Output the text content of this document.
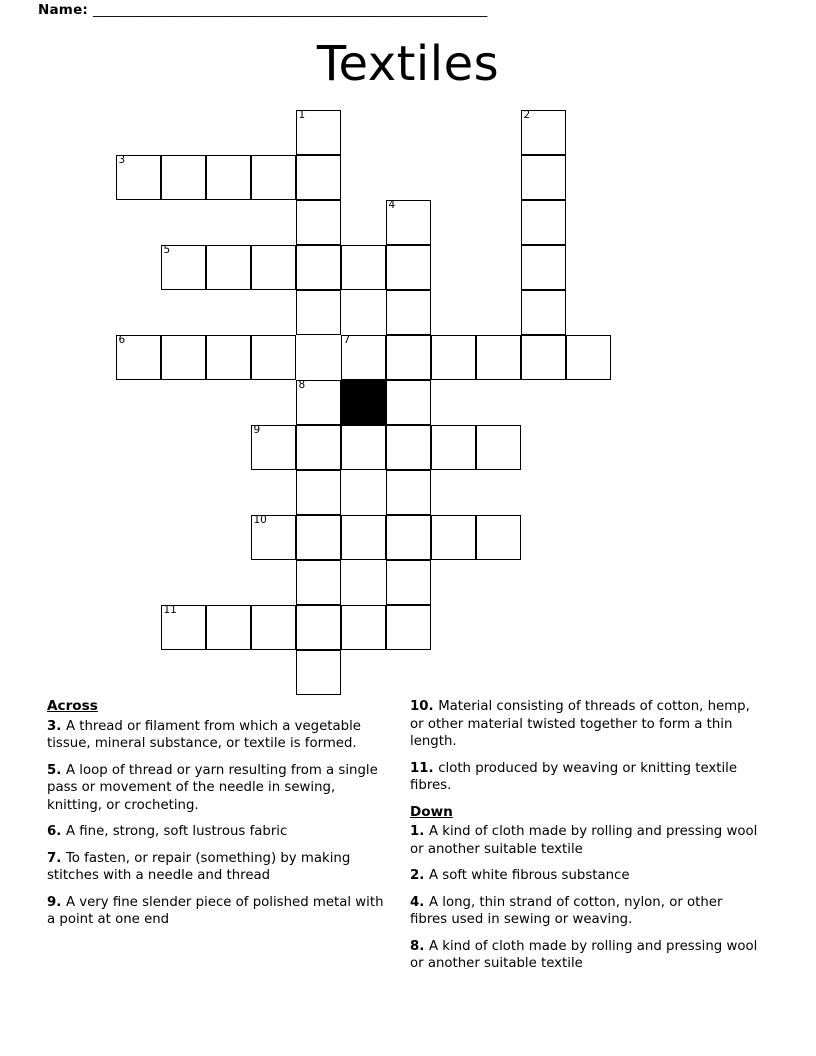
Name: _______________________________________________________________
Textiles
1	2
3
4
5
6	7
8
9
10
11
Across

3. A thread or filament from which a vegetable tissue, mineral substance, or textile is formed.

5. A loop of thread or yarn resulting from a single pass or movement of the needle in sewing, knitting, or crocheting.

6. A fine, strong, soft lustrous fabric

7. To fasten, or repair (something) by making stitches with a needle and thread

9. A very fine slender piece of polished metal with a point at one end

10. Material consisting of threads of cotton, hemp, or other material twisted together to form a thin length.

11. cloth produced by weaving or knitting textile fibres.

Down

1. A kind of cloth made by rolling and pressing wool or another suitable textile

2. A soft white fibrous substance

4. A long, thin strand of cotton, nylon, or other fibres used in sewing or weaving.

8. A kind of cloth made by rolling and pressing wool or another suitable textile
